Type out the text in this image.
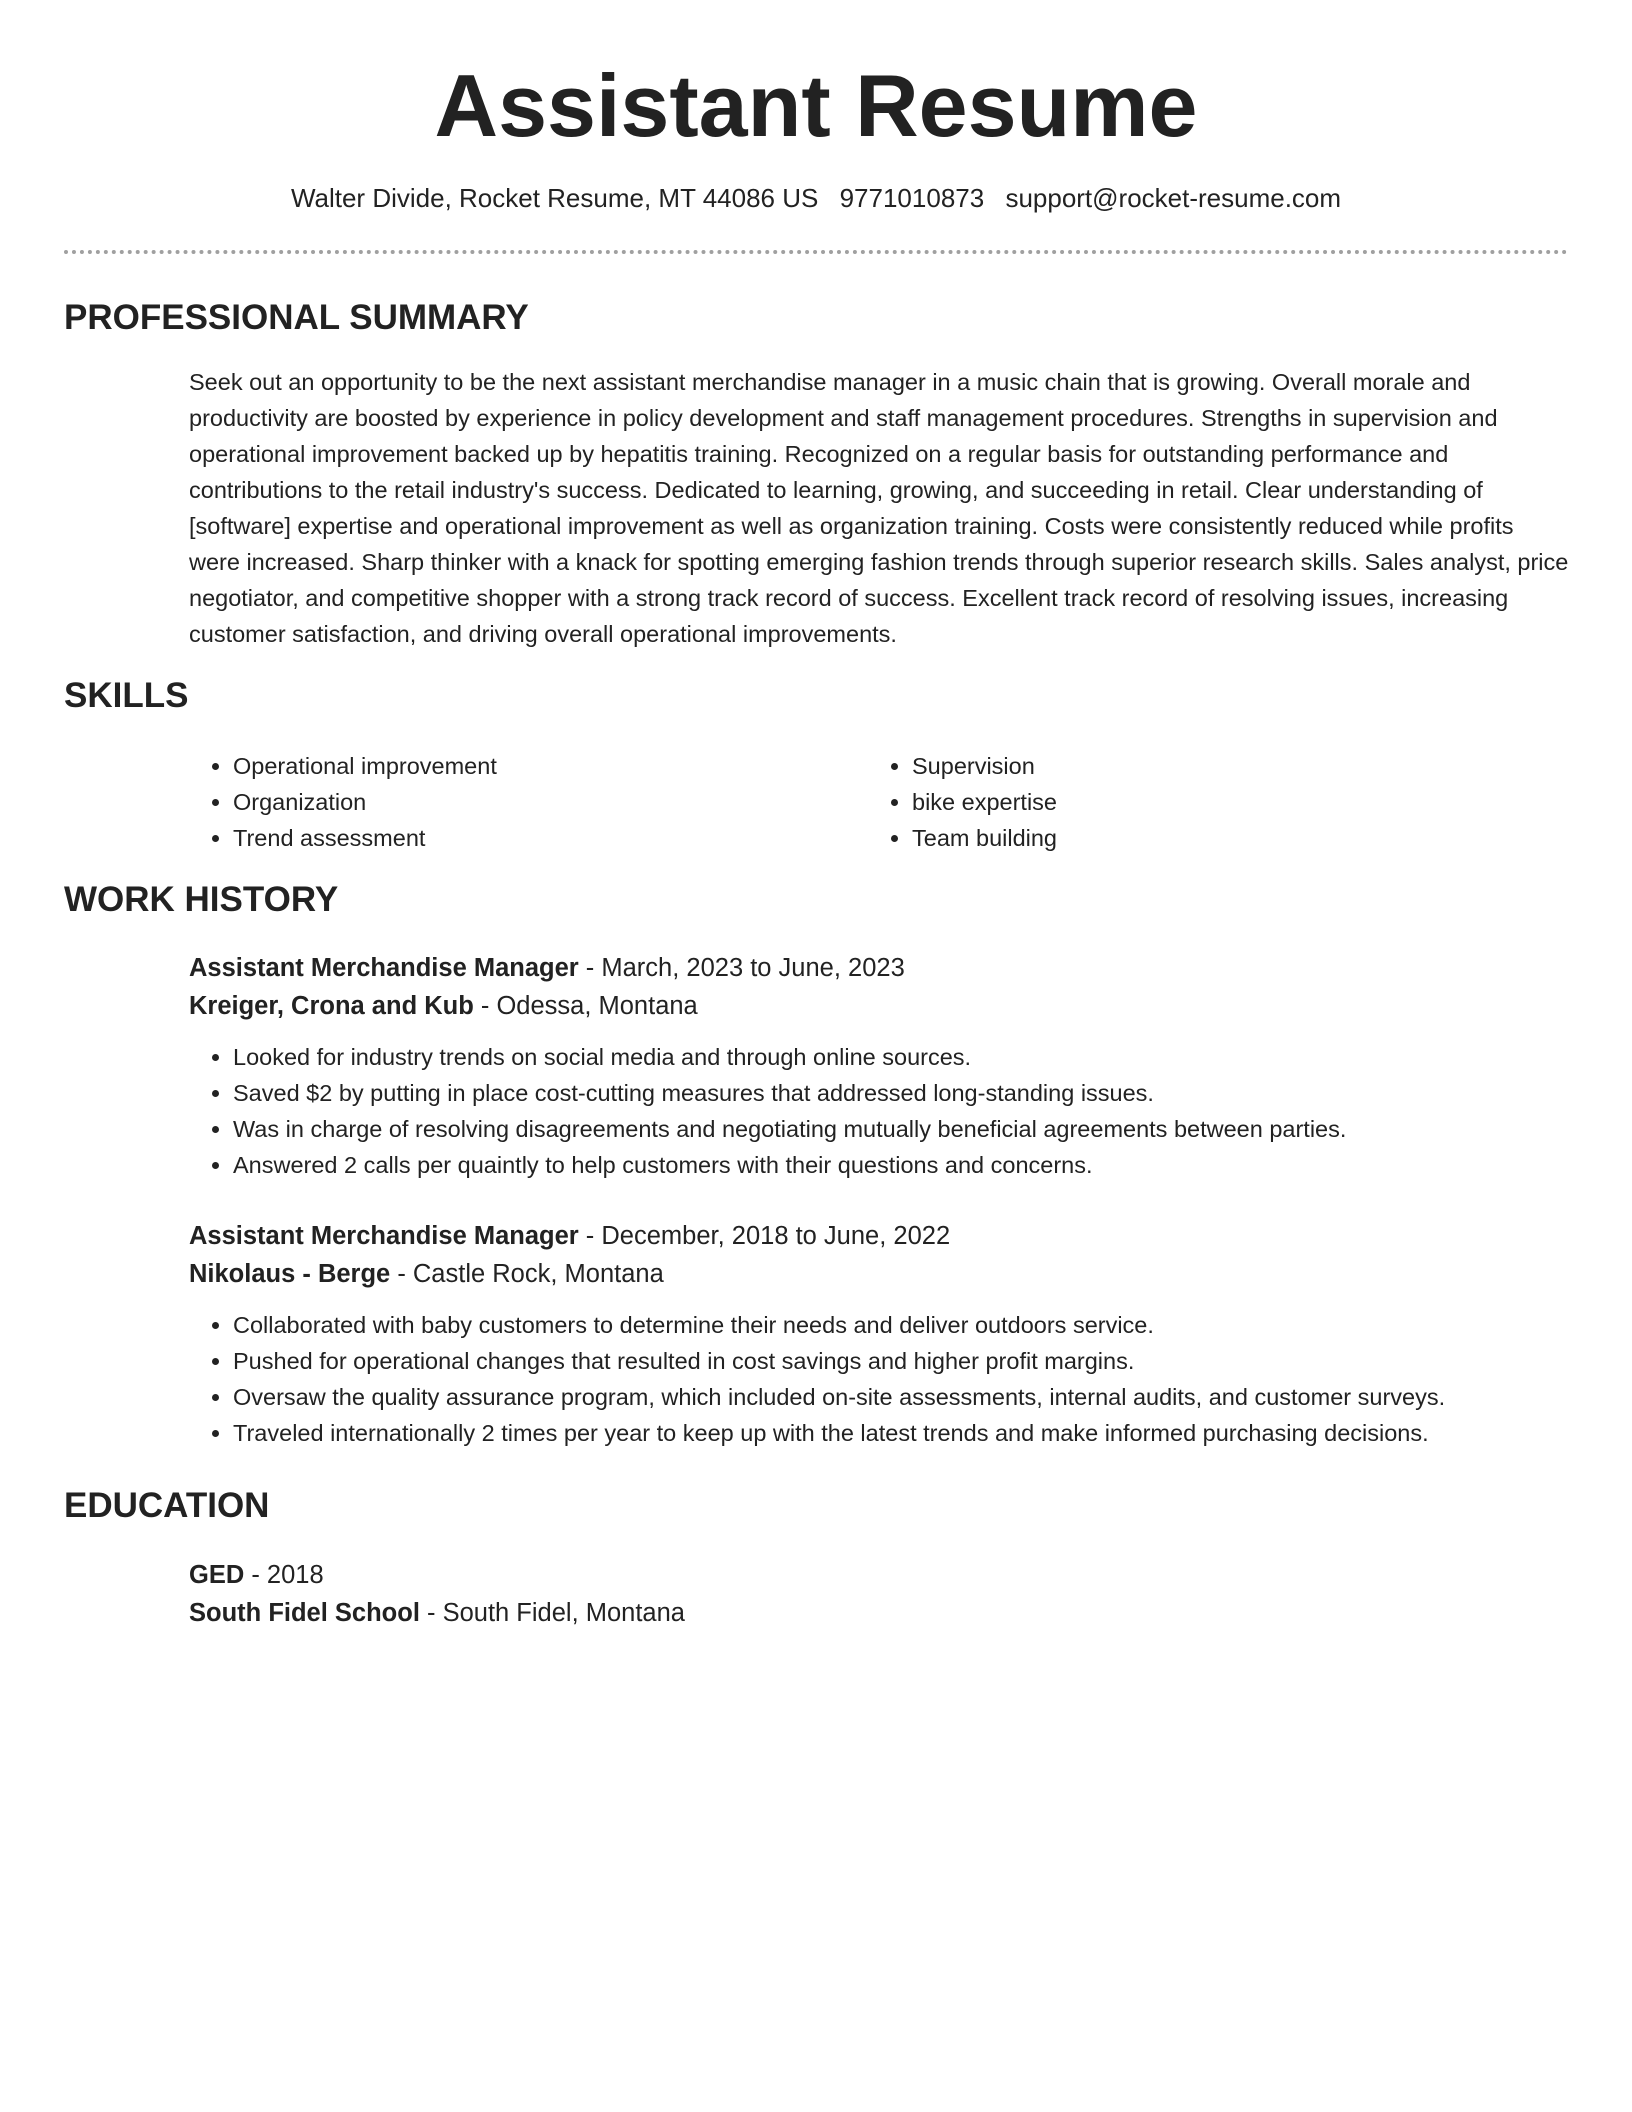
Assistant Resume
Walter Divide, Rocket Resume, MT 44086 US 9771010873 support@rocket-resume.com
PROFESSIONAL SUMMARY

Seek out an opportunity to be the next assistant merchandise manager in a music chain that is growing. Overall morale and productivity are boosted by experience in policy development and staff management procedures. Strengths in supervision and operational improvement backed up by hepatitis training. Recognized on a regular basis for outstanding performance and contributions to the retail industry's success. Dedicated to learning, growing, and succeeding in retail. Clear understanding of [software] expertise and operational improvement as well as organization training. Costs were consistently reduced while profits were increased. Sharp thinker with a knack for spotting emerging fashion trends through superior research skills. Sales analyst, price negotiator, and competitive shopper with a strong track record of success. Excellent track record of resolving issues, increasing customer satisfaction, and driving overall operational improvements.

SKILLS
• Operational improvement
• Organization
• Trend assessment
• Supervision
• bike expertise
• Team building
WORK HISTORY
Assistant Merchandise Manager - March, 2023 to June, 2023
Kreiger, Crona and Kub - Odessa, Montana
• Looked for industry trends on social media and through online sources.
• Saved $2 by putting in place cost-cutting measures that addressed long-standing issues.
• Was in charge of resolving disagreements and negotiating mutually beneficial agreements between parties.
• Answered 2 calls per quaintly to help customers with their questions and concerns.
Assistant Merchandise Manager - December, 2018 to June, 2022
Nikolaus - Berge - Castle Rock, Montana
• Collaborated with baby customers to determine their needs and deliver outdoors service.
• Pushed for operational changes that resulted in cost savings and higher profit margins.
• Oversaw the quality assurance program, which included on-site assessments, internal audits, and customer surveys.
• Traveled internationally 2 times per year to keep up with the latest trends and make informed purchasing decisions.
EDUCATION
GED - 2018
South Fidel School - South Fidel, Montana
